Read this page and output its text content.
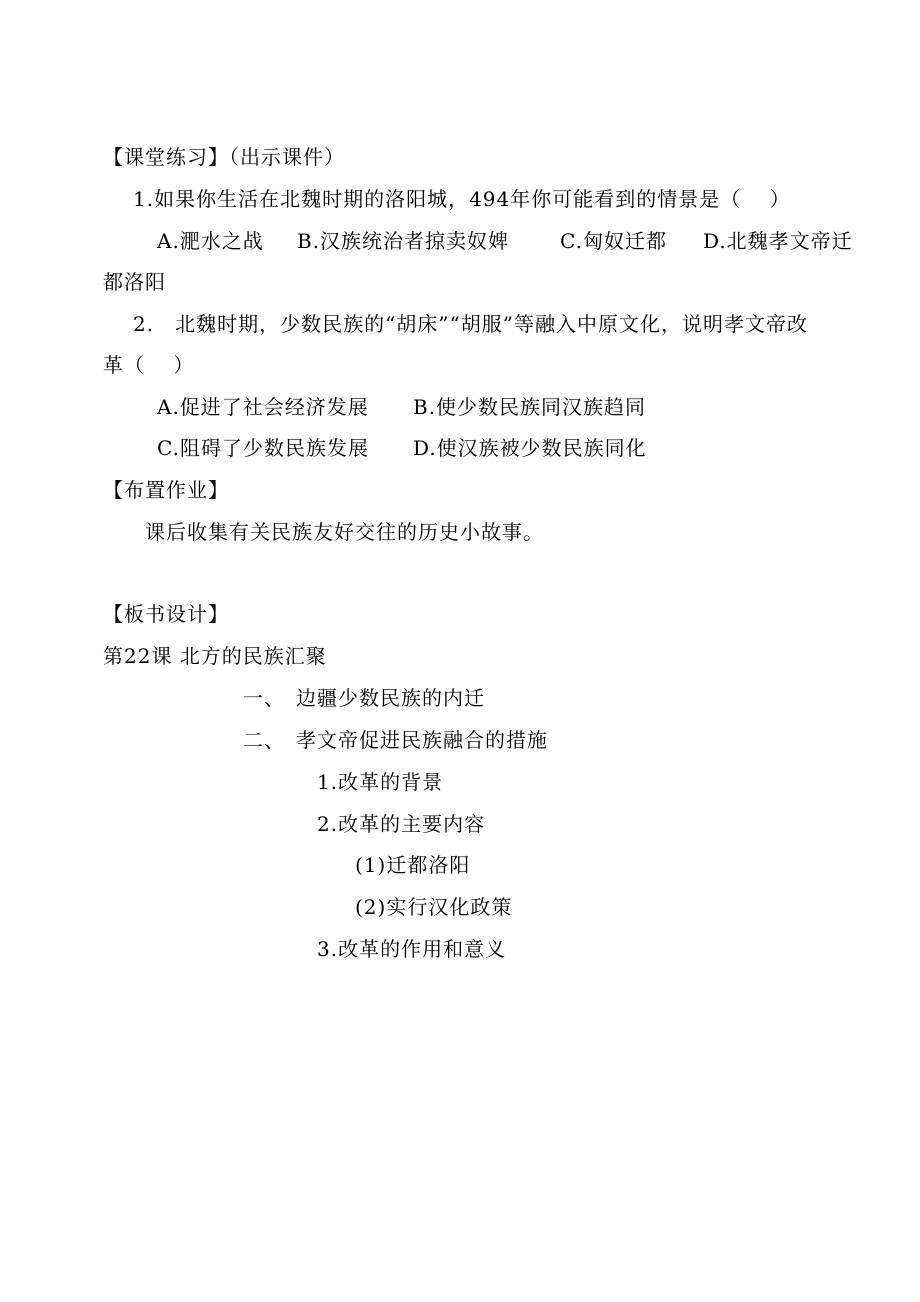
【课堂练习】（出示课件）
1.如果你生活在北魏时期的洛阳城，494年你可能看到的情景是（　 ）
A.淝水之战 B.汉族统治者掠卖奴婢	C.匈奴迁都 D.北魏孝文帝迁
都洛阳
2.　北魏时期，少数民族的“胡床”“胡服”等融入中原文化，说明孝文帝改
革（　 ）
A.促进了社会经济发展 B.使少数民族同汉族趋同
C.阻碍了少数民族发展 D.使汉族被少数民族同化
【布置作业】
课后收集有关民族友好交往的历史小故事。
【板书设计】
第22课 北方的民族汇聚
一、　边疆少数民族的内迁
二、　孝文帝促进民族融合的措施
1.改革的背景
2.改革的主要内容
(1)迁都洛阳
(2)实行汉化政策
3.改革的作用和意义
